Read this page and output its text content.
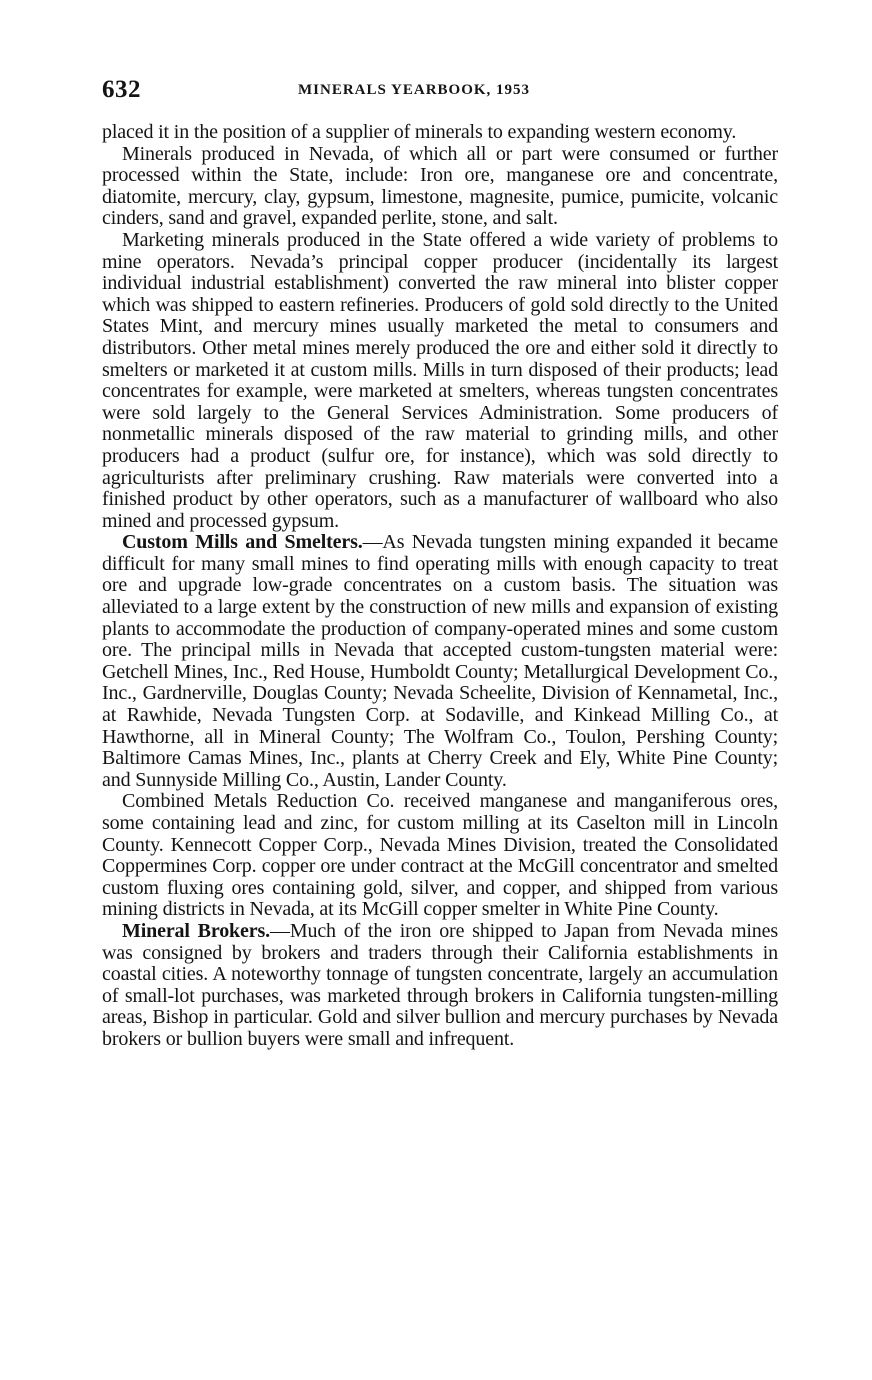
632	MINERALS YEARBOOK, 1953

placed it in the position of a supplier of minerals to expanding western economy.

Minerals produced in Nevada, of which all or part were consumed or further processed within the State, include: Iron ore, manganese ore and concentrate, diatomite, mercury, clay, gypsum, limestone, magnesite, pumice, pumicite, volcanic cinders, sand and gravel, expanded perlite, stone, and salt.

Marketing minerals produced in the State offered a wide variety of problems to mine operators. Nevada’s principal copper producer (incidentally its largest individual industrial establishment) converted the raw mineral into blister copper which was shipped to eastern refineries. Producers of gold sold directly to the United States Mint, and mercury mines usually marketed the metal to consumers and distributors. Other metal mines merely produced the ore and either sold it directly to smelters or marketed it at custom mills. Mills in turn disposed of their products; lead concentrates for example, were marketed at smelters, whereas tungsten concentrates were sold largely to the General Services Administration. Some producers of nonmetallic minerals disposed of the raw material to grinding mills, and other producers had a product (sulfur ore, for instance), which was sold directly to agriculturists after preliminary crushing. Raw materials were converted into a finished product by other operators, such as a manufacturer of wallboard who also mined and processed gypsum.

Custom Mills and Smelters.—As Nevada tungsten mining expanded it became difficult for many small mines to find operating mills with enough capacity to treat ore and upgrade low-grade concentrates on a custom basis. The situation was alleviated to a large extent by the construction of new mills and expansion of existing plants to accommodate the production of company-operated mines and some custom ore. The principal mills in Nevada that accepted custom-tungsten material were: Getchell Mines, Inc., Red House, Humboldt County; Metallurgical Development Co., Inc., Gardnerville, Douglas County; Nevada Scheelite, Division of Kennametal, Inc., at Rawhide, Nevada Tungsten Corp. at Sodaville, and Kinkead Milling Co., at Hawthorne, all in Mineral County; The Wolfram Co., Toulon, Pershing County; Baltimore Camas Mines, Inc., plants at Cherry Creek and Ely, White Pine County; and Sunnyside Milling Co., Austin, Lander County.

Combined Metals Reduction Co. received manganese and manganiferous ores, some containing lead and zinc, for custom milling at its Caselton mill in Lincoln County. Kennecott Copper Corp., Nevada Mines Division, treated the Consolidated Coppermines Corp. copper ore under contract at the McGill concentrator and smelted custom fluxing ores containing gold, silver, and copper, and shipped from various mining districts in Nevada, at its McGill copper smelter in White Pine County.

Mineral Brokers.—Much of the iron ore shipped to Japan from Nevada mines was consigned by brokers and traders through their California establishments in coastal cities. A noteworthy tonnage of tungsten concentrate, largely an accumulation of small-lot purchases, was marketed through brokers in California tungsten-milling areas, Bishop in particular. Gold and silver bullion and mercury purchases by Nevada brokers or bullion buyers were small and infrequent.
